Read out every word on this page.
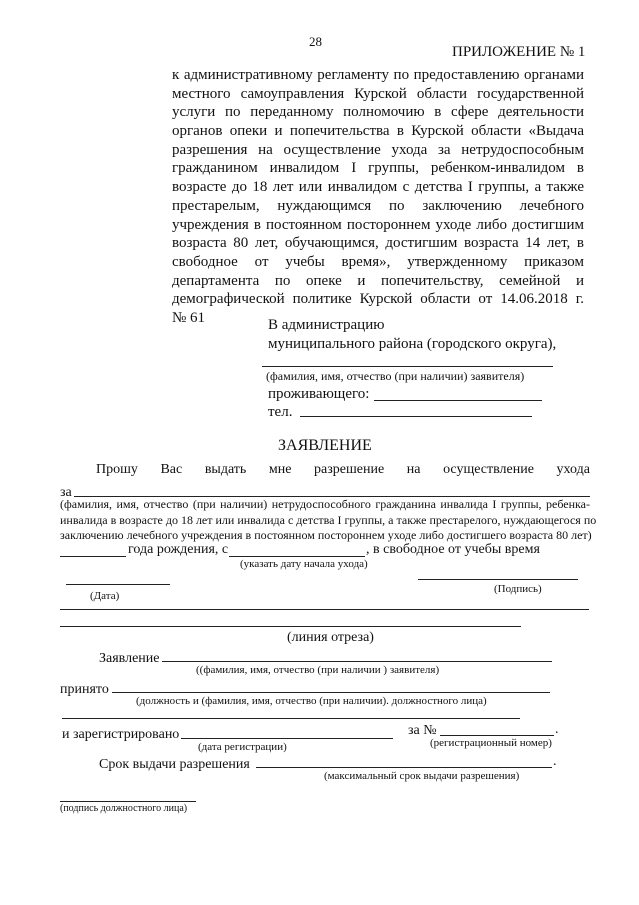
28
ПРИЛОЖЕНИЕ № 1
к административному регламенту по предоставлению органами
местного самоуправления Курской области государственной
услуги по переданному полномочию в сфере деятельности
органов опеки и попечительства в Курской области «Выдача
разрешения на осуществление ухода за нетрудоспособным
гражданином инвалидом I группы, ребенком-инвалидом в
возрасте до 18 лет или инвалидом с детства I группы, а также
престарелым, нуждающимся по заключению лечебного
учреждения в постоянном постороннем уходе либо достигшим
возраста 80 лет, обучающимся, достигшим возраста 14 лет, в
свободное от учебы время», утвержденному приказом
департамента по опеке и попечительству, семейной и
демографической политике Курской области от 14.06.2018 г.
№ 61	В администрацию
муниципального района (городского округа),
(фамилия, имя, отчество (при наличии) заявителя)
проживающего:
тел.
ЗАЯВЛЕНИЕ
Прошу Вас выдать мне разрешение на осуществление ухода
за
(фамилия, имя, отчество (при наличии) нетрудоспособного гражданина инвалида I группы, ребенка-
инвалида в возрасте до 18 лет или инвалида с детства I группы, а также престарелого, нуждающегося по
заключению лечебного учреждения в постоянном постороннем уходе либо достигшего возраста 80 лет)
года рождения, с	, в свободное от учебы время
(указать дату начала ухода)
(Подпись)
(Дата)
(линия отреза)
Заявление
((фамилия, имя, отчество (при наличии ) заявителя)
принято
(должность и (фамилия, имя, отчество (при наличии). должностного лица)
и зарегистрировано	за №	.
(дата регистрации)	(регистрационный номер)
Срок выдачи разрешения	.
(максимальный срок выдачи разрешения)
(подпись должностного лица)
